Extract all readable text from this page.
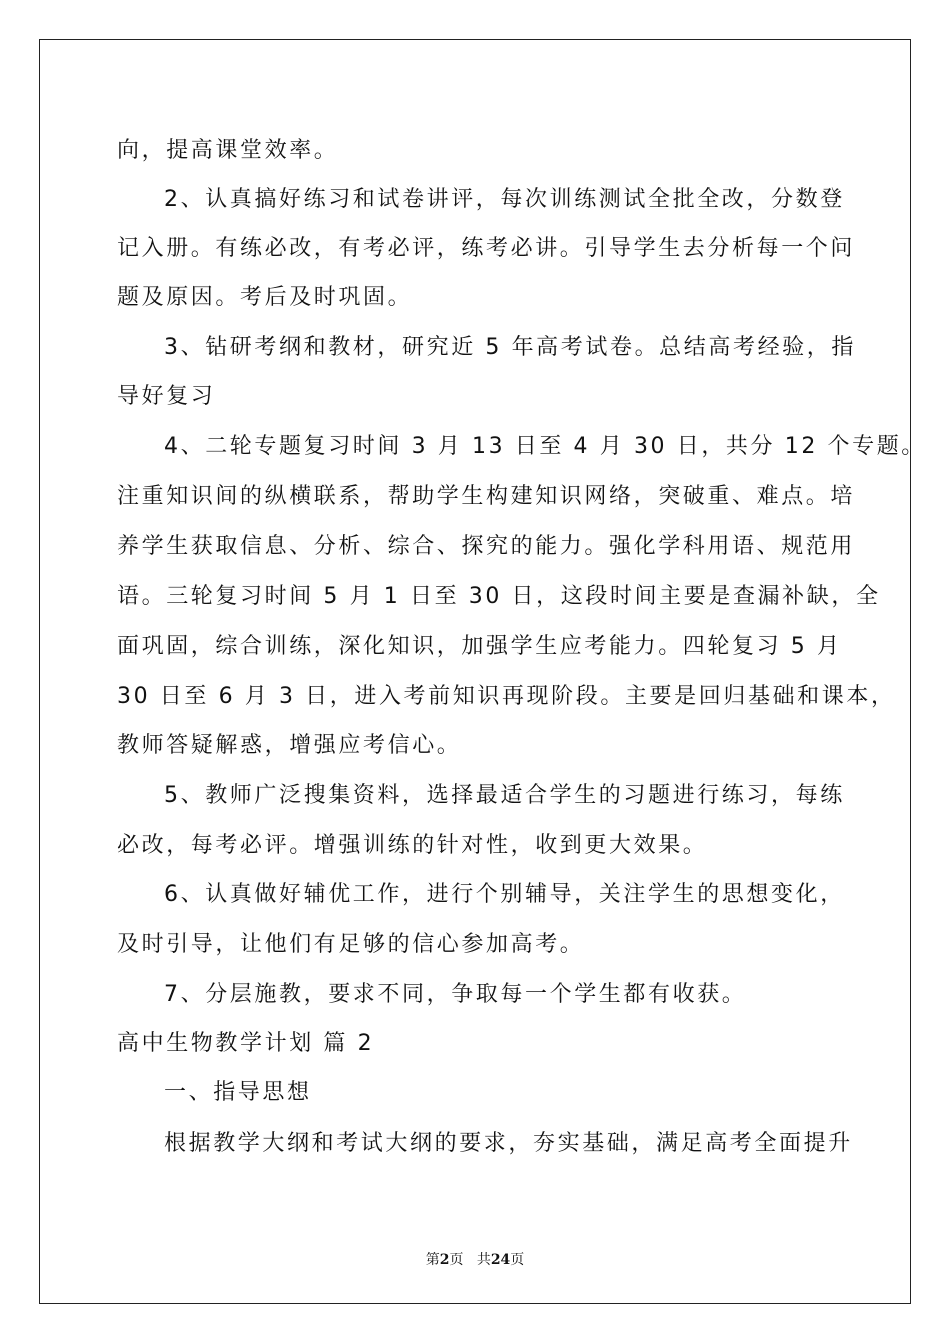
向，提高课堂效率。
2、认真搞好练习和试卷讲评，每次训练测试全批全改，分数登
记入册。有练必改，有考必评，练考必讲。引导学生去分析每一个问
题及原因。考后及时巩固。
3、钻研考纲和教材，研究近 5 年高考试卷。总结高考经验，指
导好复习
4、二轮专题复习时间 3 月 13 日至 4 月 30 日，共分 12 个专题。
注重知识间的纵横联系，帮助学生构建知识网络，突破重、难点。培
养学生获取信息、分析、综合、探究的能力。强化学科用语、规范用
语。三轮复习时间 5 月 1 日至 30 日，这段时间主要是查漏补缺，全
面巩固，综合训练，深化知识，加强学生应考能力。四轮复习 5 月
30 日至 6 月 3 日，进入考前知识再现阶段。主要是回归基础和课本，
教师答疑解惑，增强应考信心。
5、教师广泛搜集资料，选择最适合学生的习题进行练习，每练
必改，每考必评。增强训练的针对性，收到更大效果。
6、认真做好辅优工作，进行个别辅导，关注学生的思想变化，
及时引导，让他们有足够的信心参加高考。
7、分层施教，要求不同，争取每一个学生都有收获。
高中生物教学计划 篇 2
一、指导思想
根据教学大纲和考试大纲的要求，夯实基础，满足高考全面提升
第2页 共24页
